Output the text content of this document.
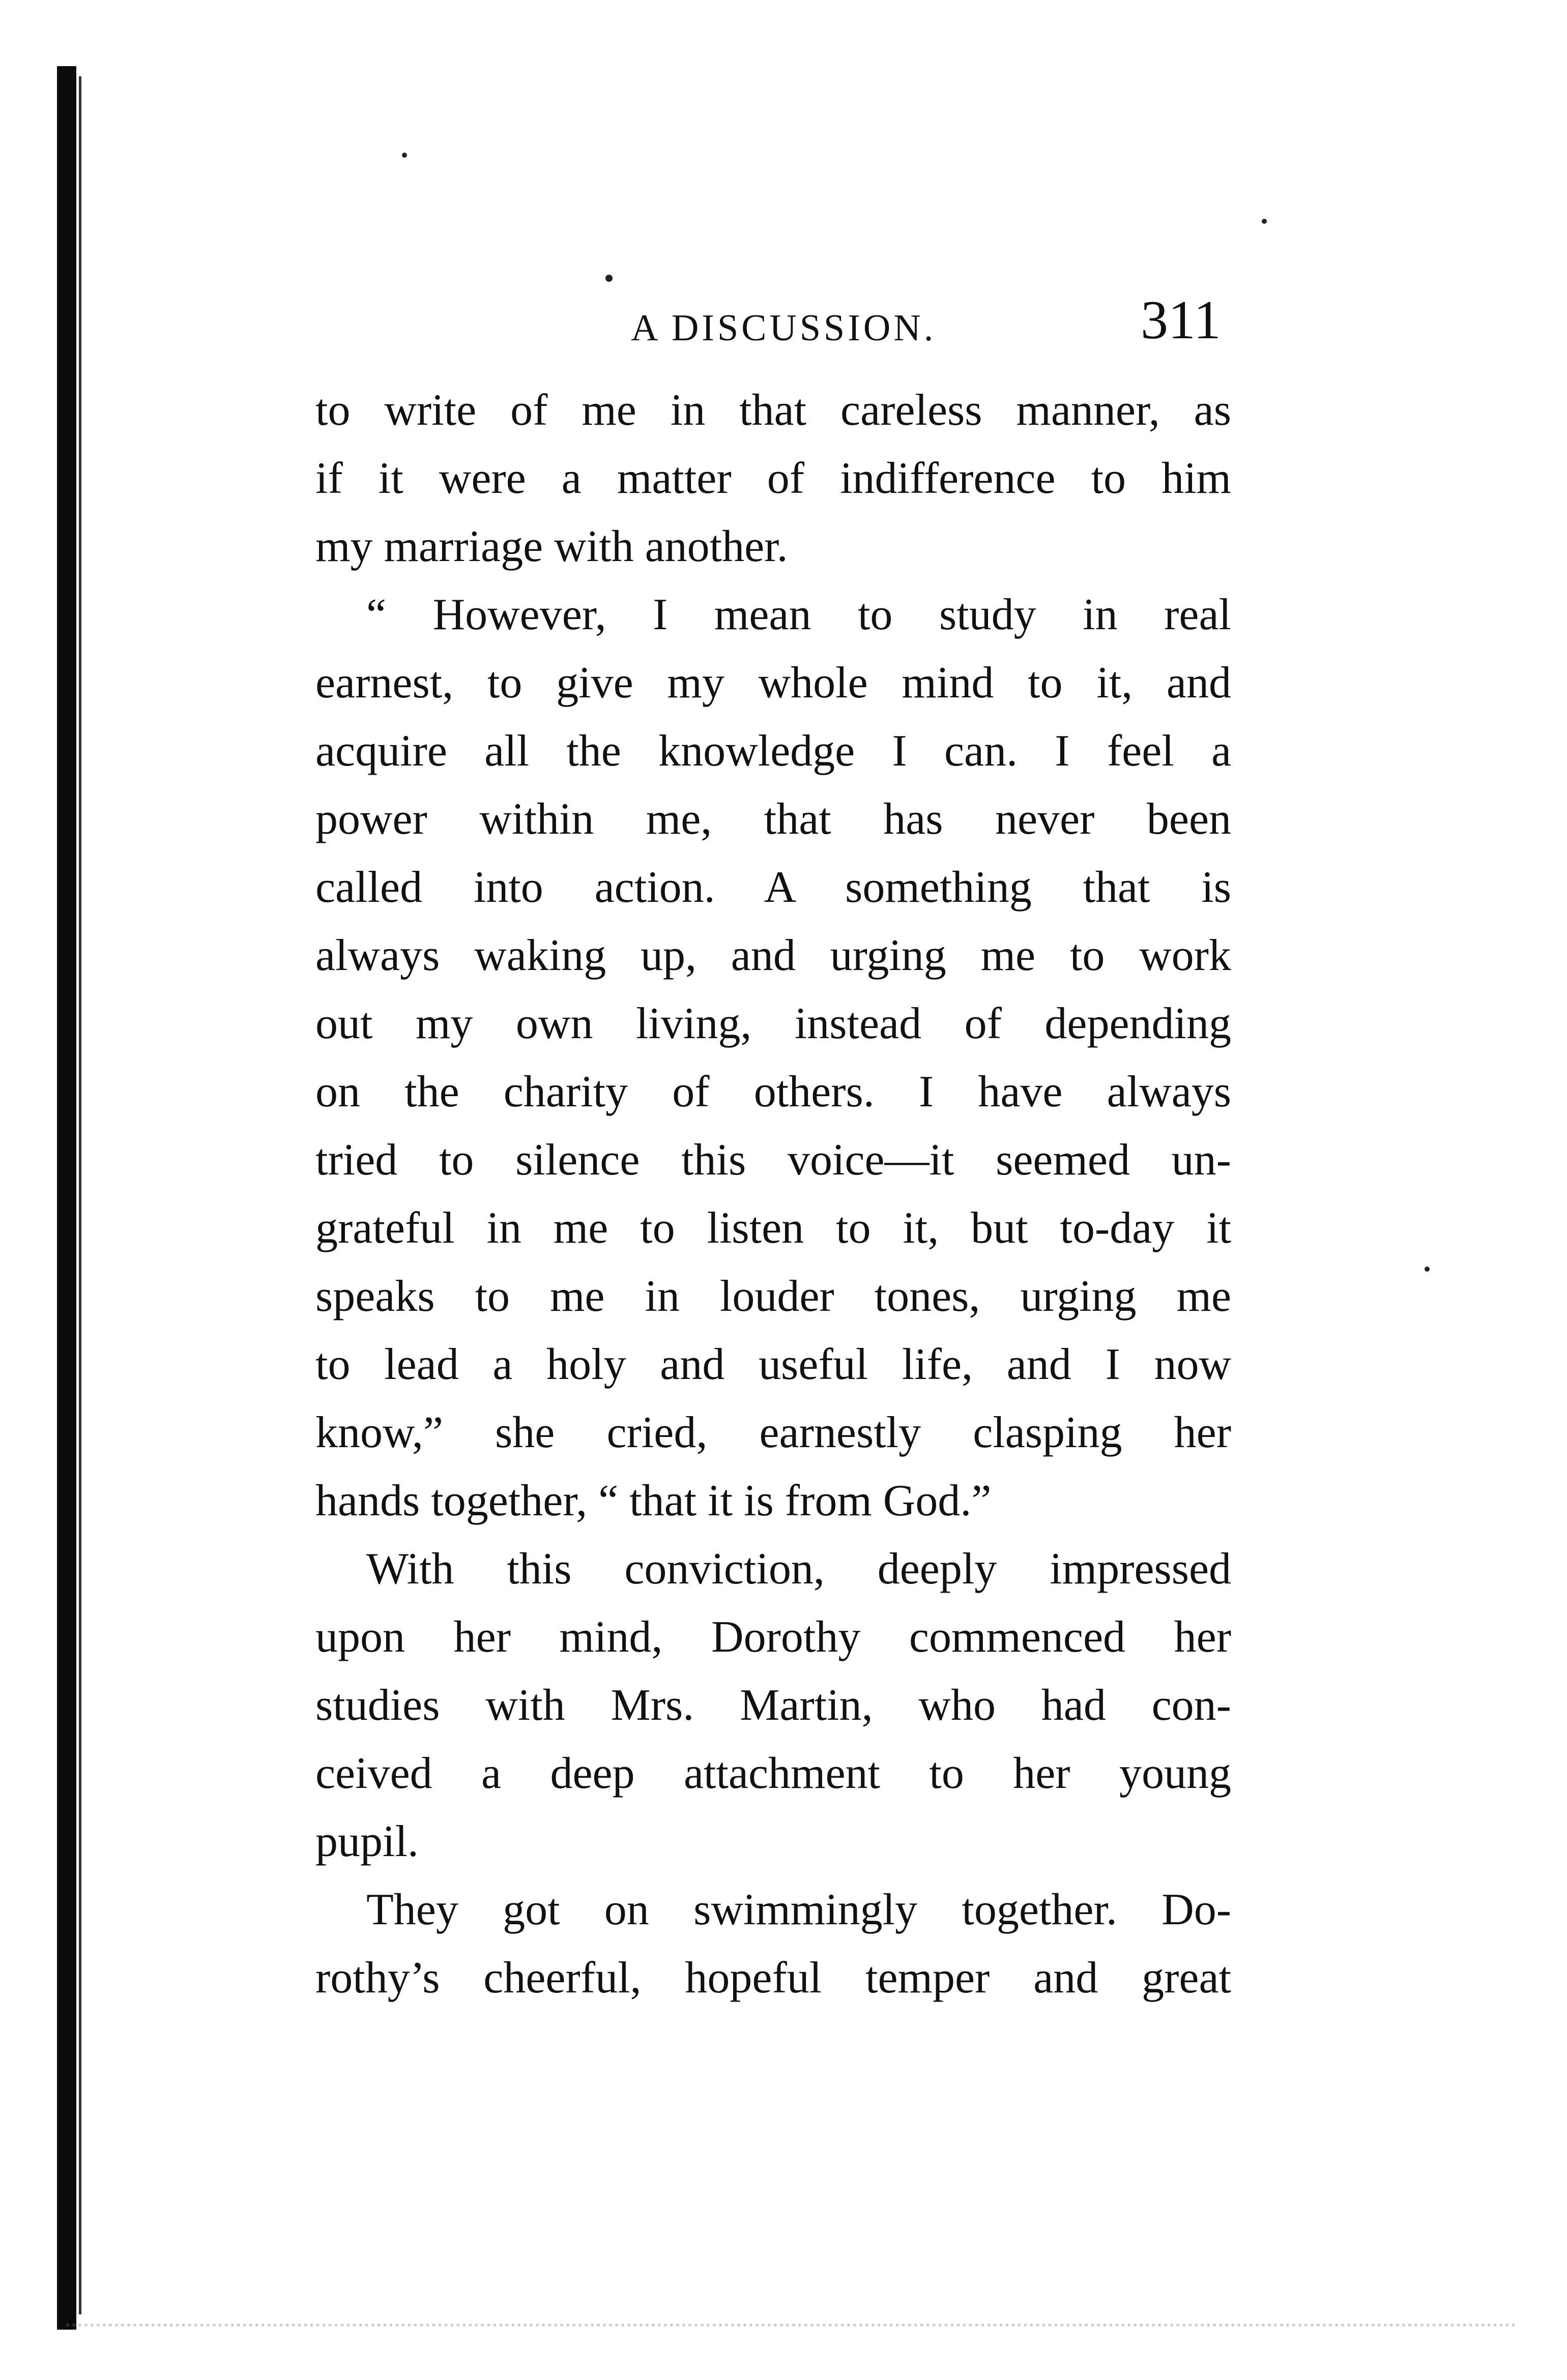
A DISCUSSION.	311
to write of me in that careless manner, as
if it were a matter of indifference to him
my marriage with another.
“ However, I mean to study in real
earnest, to give my whole mind to it, and
acquire all the knowledge I can. I feel a
power within me, that has never been
called into action. A something that is
always waking up, and urging me to work
out my own living, instead of depending
on the charity of others. I have always
tried to silence this voice—it seemed un-
grateful in me to listen to it, but to-day it
speaks to me in louder tones, urging me
to lead a holy and useful life, and I now
know,” she cried, earnestly clasping her
hands together, “ that it is from God.”
With this conviction, deeply impressed
upon her mind, Dorothy commenced her
studies with Mrs. Martin, who had con-
ceived a deep attachment to her young
pupil.
They got on swimmingly together. Do-
rothy’s cheerful, hopeful temper and great
